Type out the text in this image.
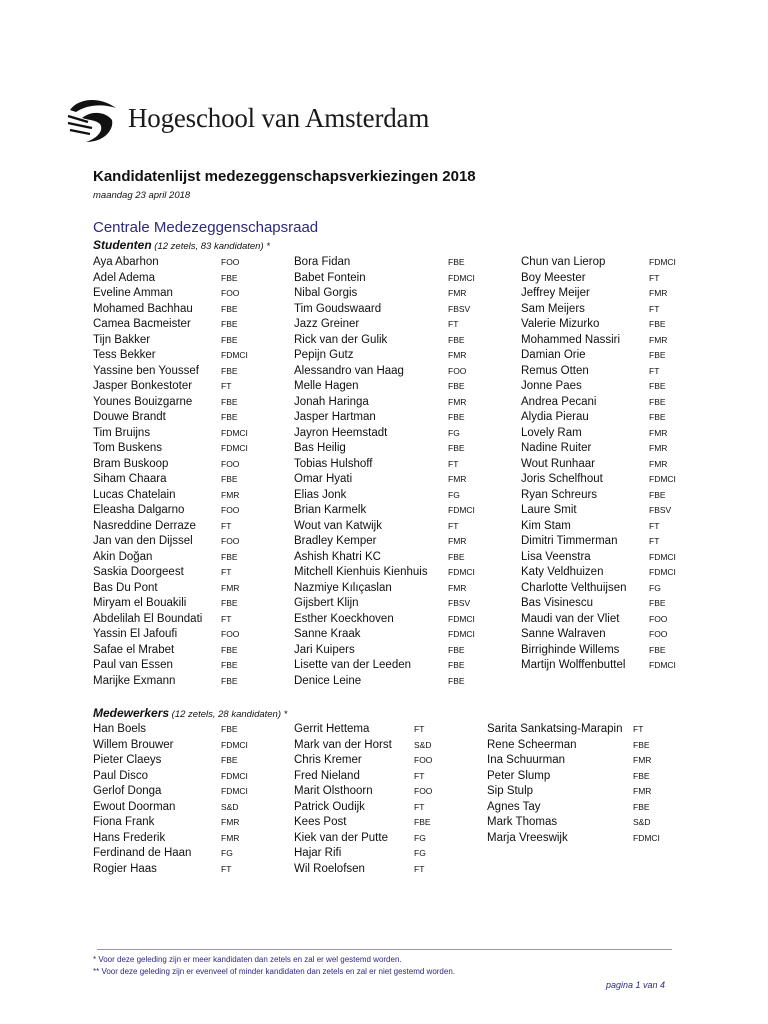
Hogeschool van Amsterdam
Kandidatenlijst medezeggenschapsverkiezingen 2018
maandag 23 april 2018
Centrale Medezeggenschapsraad
Studenten (12 zetels, 83 kandidaten) *
Aya Abarhon	FOO
Adel Adema	FBE
Eveline Amman	FOO
Mohamed Bachhau	FBE
Camea Bacmeister	FBE
Tijn Bakker	FBE
Tess Bekker	FDMCI
Yassine ben Youssef	FBE
Jasper Bonkestoter	FT
Younes Bouizgarne	FBE
Douwe Brandt	FBE
Tim Bruijns	FDMCI
Tom Buskens	FDMCI
Bram Buskoop	FOO
Siham Chaara	FBE
Lucas Chatelain	FMR
Eleasha Dalgarno	FOO
Nasreddine Derraze	FT
Jan van den Dijssel	FOO
Akin Doğan	FBE
Saskia Doorgeest	FT
Bas Du Pont	FMR
Miryam el Bouakili	FBE
Abdelilah El Boundati FT
Yassin El Jafoufi	FOO
Safae el Mrabet	FBE
Paul van Essen	FBE
Marijke Exmann	FBE
Bora Fidan	FBE
Babet Fontein	FDMCI
Nibal Gorgis	FMR
Tim Goudswaard	FBSV
Jazz Greiner	FT
Rick van der Gulik	FBE
Pepijn Gutz	FMR
Alessandro van Haag	FOO
Melle Hagen	FBE
Jonah Haringa	FMR
Jasper Hartman	FBE
Jayron Heemstadt	FG
Bas Heilig	FBE
Tobias Hulshoff	FT
Omar Hyati	FMR
Elias Jonk	FG
Brian Karmelk	FDMCI
Wout van Katwijk	FT
Bradley Kemper	FMR
Ashish Khatri KC	FBE
Mitchell Kienhuis Kienhuis FDMCI
Nazmiye Kılıçaslan	FMR
Gijsbert Klijn	FBSV
Esther Koeckhoven	FDMCI
Sanne Kraak	FDMCI
Jari Kuipers	FBE
Lisette van der Leeden	FBE
Denice Leine	FBE
Chun van Lierop	FDMCI
Boy Meester	FT
Jeffrey Meijer	FMR
Sam Meijers	FT
Valerie Mizurko	FBE
Mohammed Nassiri	FMR
Damian Orie	FBE
Remus Otten	FT
Jonne Paes	FBE
Andrea Pecani	FBE
Alydia Pierau	FBE
Lovely Ram	FMR
Nadine Ruiter	FMR
Wout Runhaar	FMR
Joris Schelfhout	FDMCI
Ryan Schreurs	FBE
Laure Smit	FBSV
Kim Stam	FT
Dimitri Timmerman	FT
Lisa Veenstra	FDMCI
Katy Veldhuizen	FDMCI
Charlotte Velthuijsen	FG
Bas Visinescu	FBE
Maudi van der Vliet	FOO
Sanne Walraven	FOO
Birrighinde Willems	FBE
Martijn Wolffenbuttel	FDMCI
Medewerkers (12 zetels, 28 kandidaten) *
Han Boels	FBE
Willem Brouwer	FDMCI
Pieter Claeys	FBE
Paul Disco	FDMCI
Gerlof Donga	FDMCI
Ewout Doorman	S&D
Fiona Frank	FMR
Hans Frederik	FMR
Ferdinand de Haan	FG
Rogier Haas	FT
Gerrit Hettema	FT
Mark van der Horst	S&D
Chris Kremer	FOO
Fred Nieland	FT
Marit Olsthoorn	FOO
Patrick Oudijk	FT
Kees Post	FBE
Kiek van der Putte	FG
Hajar Rifi	FG
Wil Roelofsen	FT
Sarita Sankatsing-Marapin FT
Rene Scheerman	FBE
Ina Schuurman	FMR
Peter Slump	FBE
Sip Stulp	FMR
Agnes Tay	FBE
Mark Thomas	S&D
Marja Vreeswijk	FDMCI
* Voor deze geleding zijn er meer kandidaten dan zetels en zal er wel gestemd worden.
** Voor deze geleding zijn er evenveel of minder kandidaten dan zetels en zal er niet gestemd worden.
pagina 1 van 4
